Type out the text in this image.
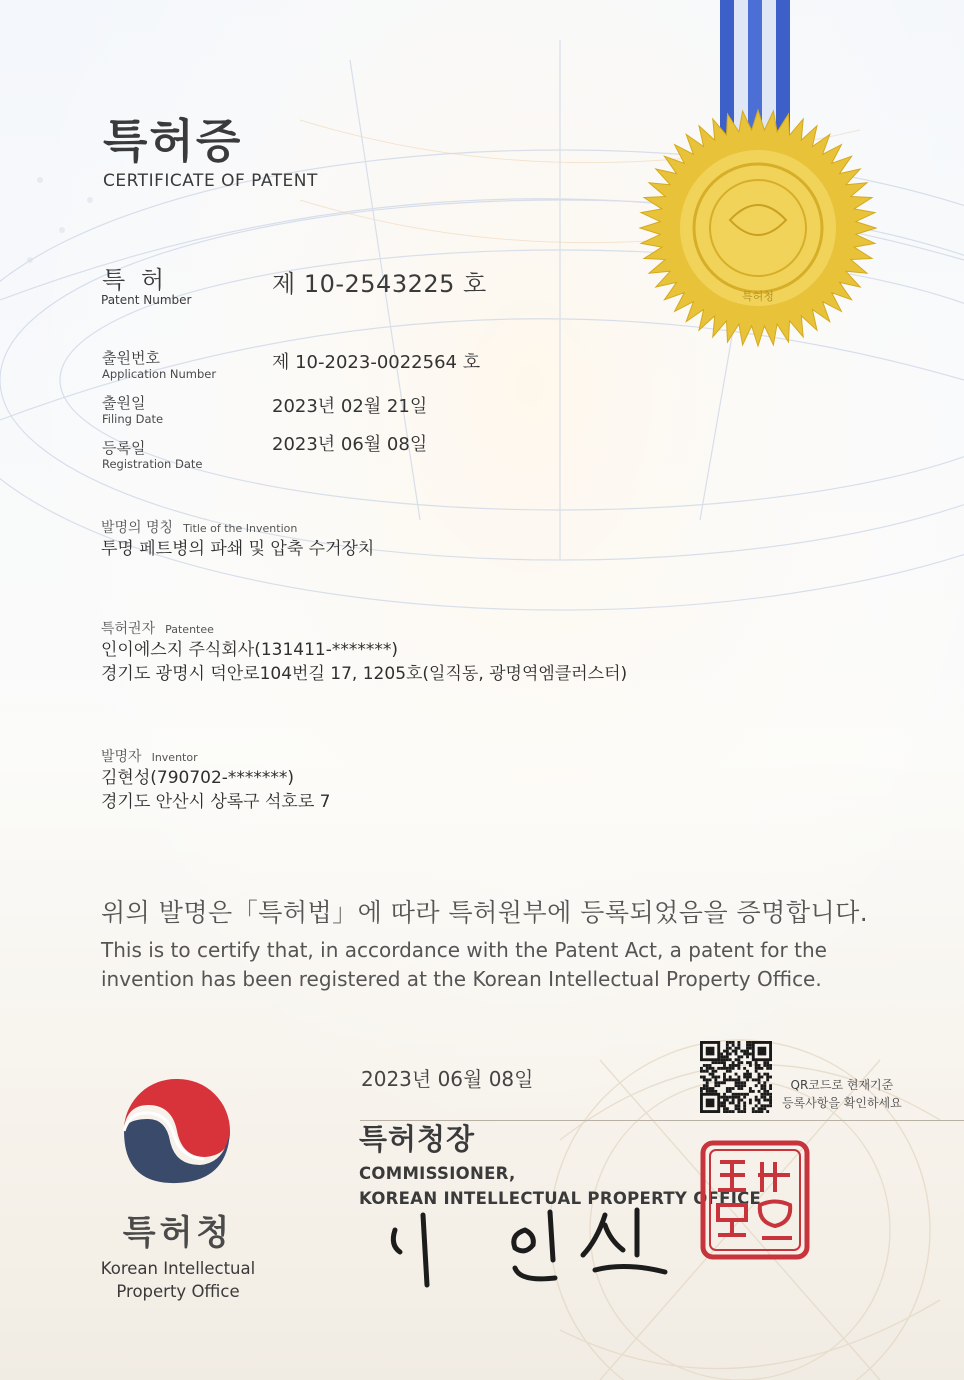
특허청
특허증
CERTIFICATE OF PATENT
특 허
Patent Number
제 10-2543225 호
출원번호
Application Number
제 10-2023-0022564 호
출원일
Filing Date
2023년 02월 21일
등록일
Registration Date
2023년 06월 08일
발명의 명칭 Title of the Invention
투명 페트병의 파쇄 및 압축 수거장치
특허권자 Patentee
인이에스지 주식회사(131411-*******)
경기도 광명시 덕안로104번길 17, 1205호(일직동, 광명역엠클러스터)
발명자 Inventor
김현성(790702-*******)
경기도 안산시 상록구 석호로 7
위의 발명은「특허법」에 따라 특허원부에 등록되었음을 증명합니다.
This is to certify that, in accordance with the Patent Act, a patent for the invention has been registered at the Korean Intellectual Property Office.
2023년 06월 08일
특허청장
COMMISSIONER,
KOREAN INTELLECTUAL PROPERTY OFFICE
QR코드로 현재기준
등록사항을 확인하세요
특허청
Korean Intellectual
Property Office
